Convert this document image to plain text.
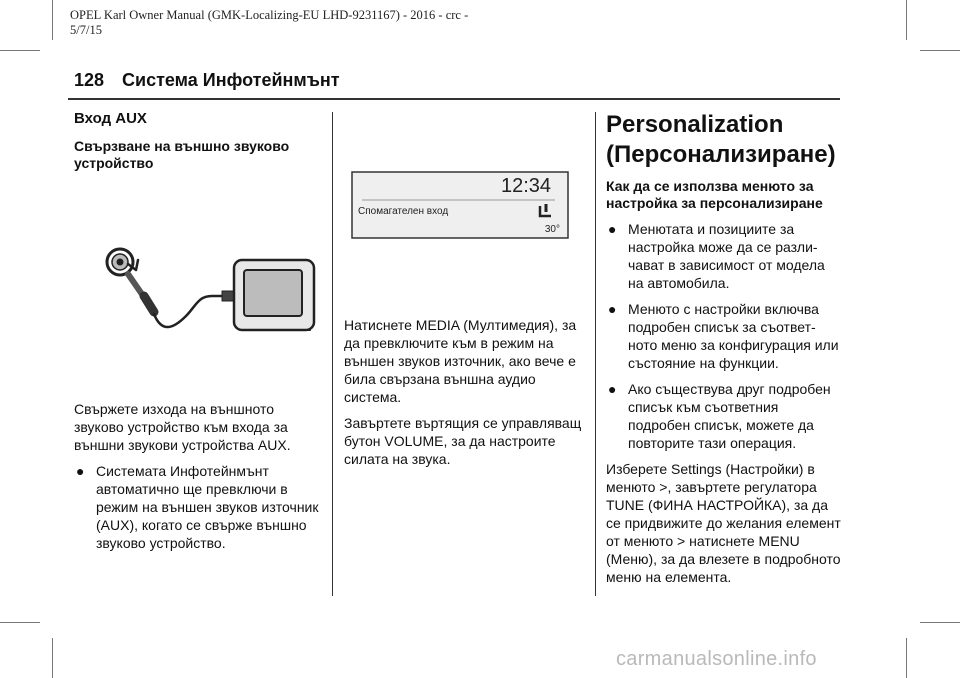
OPEL Karl Owner Manual (GMK-Localizing-EU LHD-9231167) - 2016 - crc -
5/7/15
128 Система Инфотейнмънт
Вход AUX
Свързване на външно звуково устройство

Свържете изхода на външното звуково устройство към входа за външни звукови устройства AUX.

● Системата Инфотейнмънт автоматично ще превключи в режим на външен звуков източник (AUX), когато се свърже външно звуково устройство.
12:34
Спомагателен вход
30°

Натиснете MEDIA (Мултимедия), за да превключите към в режим на външен звуков източник, ако вече е била свързана външна аудио система.

Завъртете въртящия се управляващ бутон VOLUME, за да настроите силата на звука.

Personalization (Персонализиране)
Как да се използва менюто за настройка за персонализиране
● Менютата и позициите за настройка може да се разли-чават в зависимост от модела на автомобила.
● Менюто с настройки включва подробен списък за съответ-ното меню за конфигурация или състояние на функции.
● Ако съществува друг подробен списък към съответния подробен списък, можете да повторите тази операция.

Изберете Settings (Настройки) в менюто >, завъртете регулатора TUNE (ФИНА НАСТРОЙКА), за да се придвижите до желания елемент от менюто > натиснете MENU (Меню), за да влезете в подробното меню на елемента.

carmanualsonline.info
